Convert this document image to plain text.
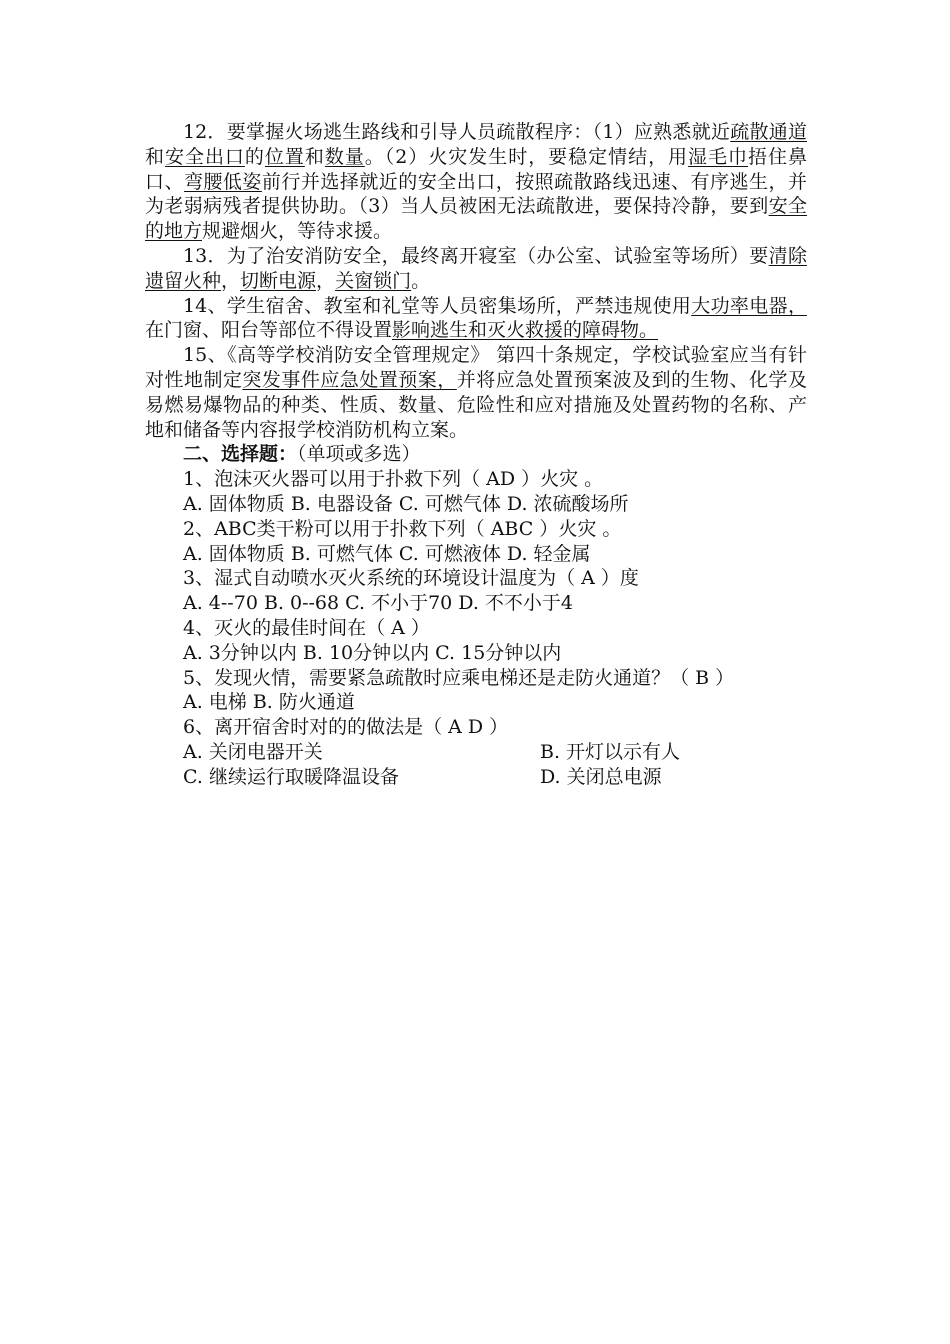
12．要掌握火场逃生路线和引导人员疏散程序：（1）应熟悉就近疏散通道和安全出口的位置和数量。（2）火灾发生时，要稳定情结，用湿毛巾捂住鼻口、弯腰低姿前行并选择就近的安全出口，按照疏散路线迅速、有序逃生，并为老弱病残者提供协助。（3）当人员被困无法疏散进，要保持冷静，要到安全的地方规避烟火，等待求援。

13．为了治安消防安全，最终离开寝室（办公室、试验室等场所）要清除遗留火种，切断电源，关窗锁门。

14、学生宿舍、教室和礼堂等人员密集场所，严禁违规使用大功率电器，在门窗、阳台等部位不得设置影响逃生和灭火救援的障碍物。

15、《高等学校消防安全管理规定》 第四十条规定，学校试验室应当有针对性地制定突发事件应急处置预案，并将应急处置预案波及到的生物、化学及易燃易爆物品的种类、性质、数量、危险性和应对措施及处置药物的名称、产地和储备等内容报学校消防机构立案。

二、选择题：（单项或多选）

1、泡沫灭火器可以用于扑救下列（ AD ）火灾 。

A. 固体物质 B. 电器设备 C. 可燃气体 D. 浓硫酸场所

2、ABC类干粉可以用于扑救下列（ ABC ）火灾 。

A. 固体物质 B. 可燃气体 C. 可燃液体 D. 轻金属

3、湿式自动喷水灭火系统的环境设计温度为（ A ）度

A. 4--70 B. 0--68 C. 不小于70 D. 不不小于4

4、灭火的最佳时间在（ A ）

A. 3分钟以内 B. 10分钟以内 C. 15分钟以内

5、发现火情，需要紧急疏散时应乘电梯还是走防火通道？（ B ）

A. 电梯 B. 防火通道

6、离开宿舍时对的的做法是（ A D ）

A. 关闭电器开关	B. 开灯以示有人

C. 继续运行取暖降温设备	D. 关闭总电源
